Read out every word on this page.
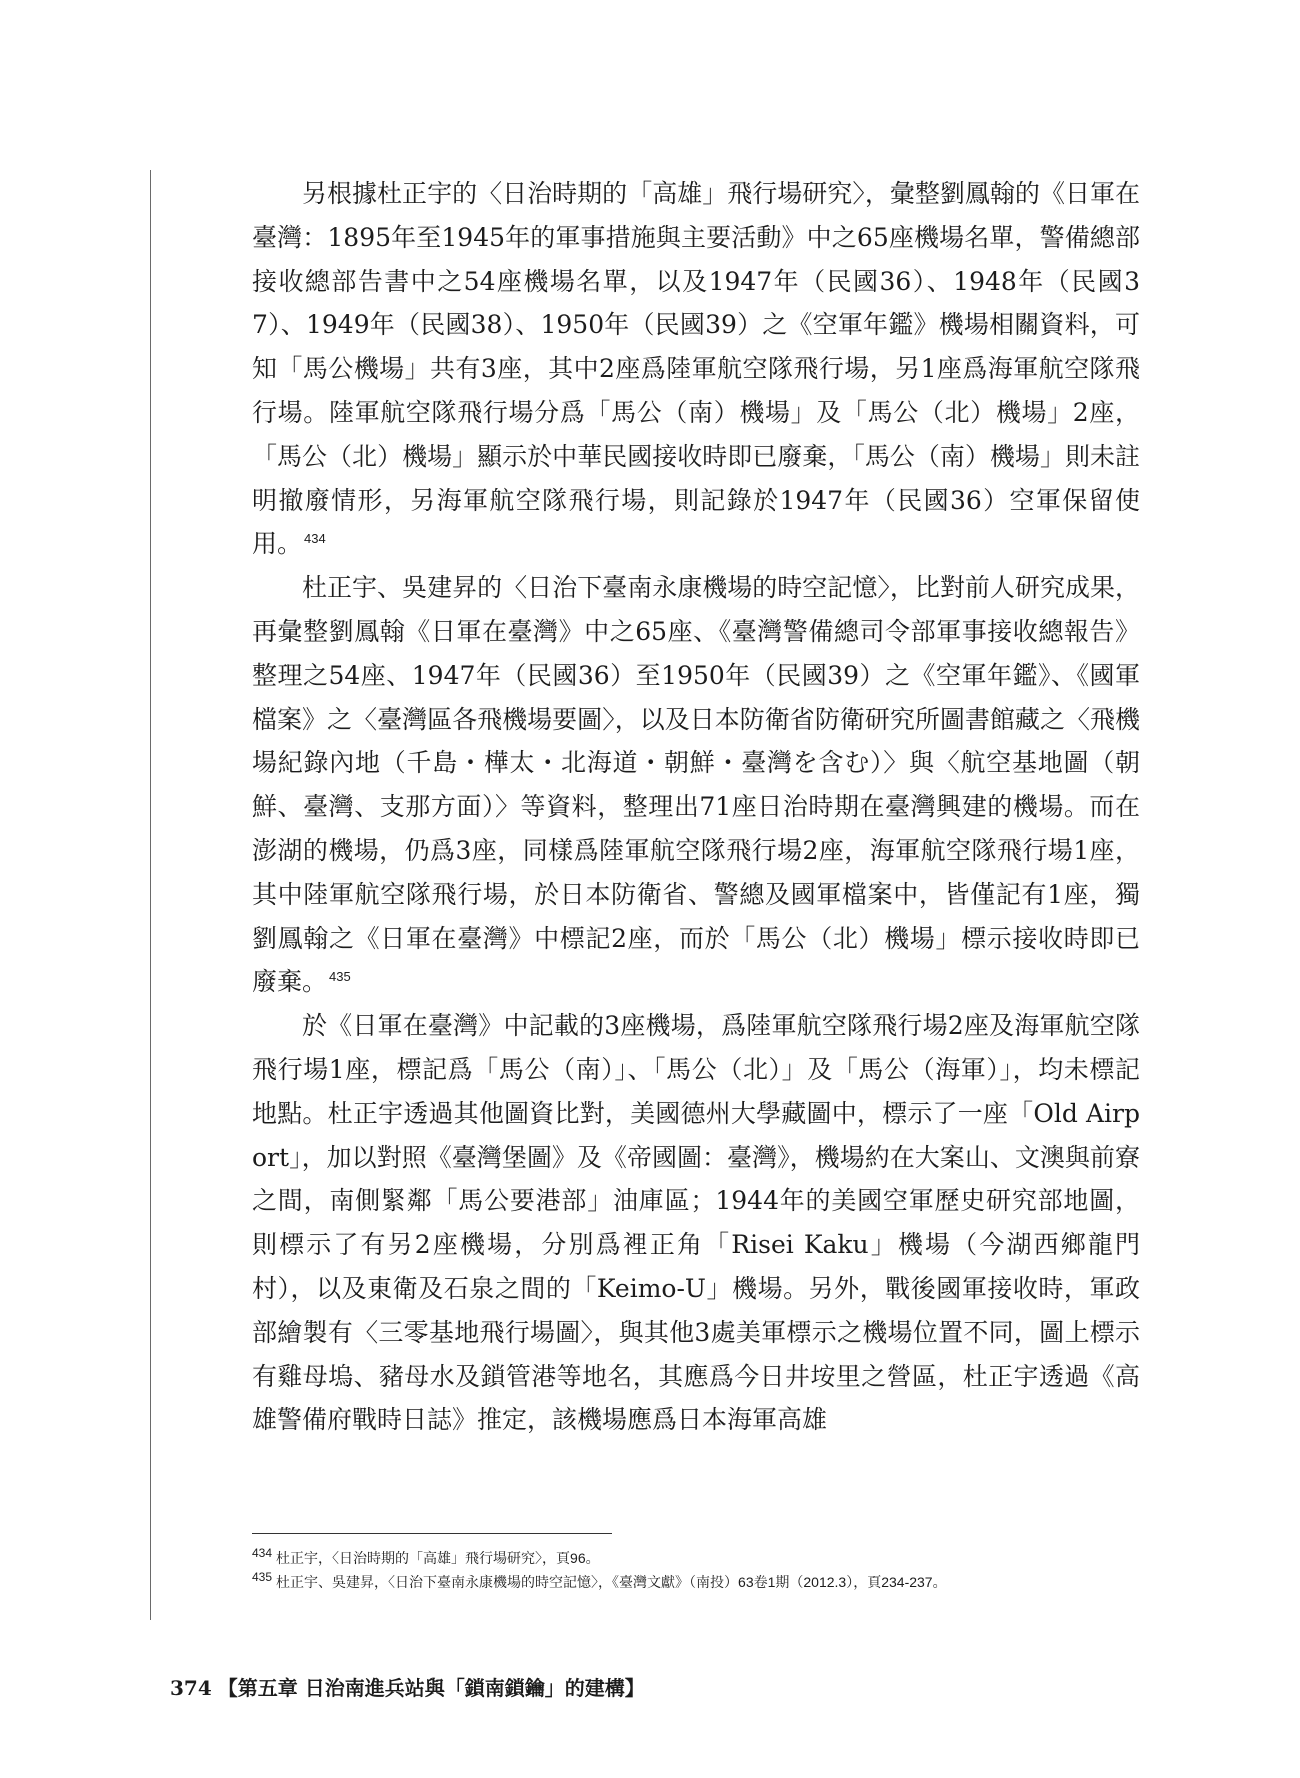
另根據杜正宇的〈日治時期的「高雄」飛行場研究〉，彙整劉鳳翰的《日軍在臺灣：1895年至1945年的軍事措施與主要活動》中之65座機場名單，警備總部接收總部告書中之54座機場名單，以及1947年（民國36）、1948年（民國37）、1949年（民國38）、1950年（民國39）之《空軍年鑑》機場相關資料，可知「馬公機場」共有3座，其中2座爲陸軍航空隊飛行場，另1座爲海軍航空隊飛行場。陸軍航空隊飛行場分爲「馬公（南）機場」及「馬公（北）機場」2座，「馬公（北）機場」顯示於中華民國接收時即已廢棄，「馬公（南）機場」則未註明撤廢情形，另海軍航空隊飛行場，則記錄於1947年（民國36）空軍保留使用。 $^{434}$

杜正宇、吳建昇的〈日治下臺南永康機場的時空記憶〉，比對前人研究成果，再彙整劉鳳翰《日軍在臺灣》中之65座、《臺灣警備總司令部軍事接收總報告》整理之54座、1947年（民國36）至1950年（民國39）之《空軍年鑑》、《國軍檔案》之〈臺灣區各飛機場要圖〉，以及日本防衛省防衛研究所圖書館藏之〈飛機場紀錄內地（千島・樺太・北海道・朝鮮・臺灣を含む）〉與〈航空基地圖（朝鮮、臺灣、支那方面）〉等資料，整理出71座日治時期在臺灣興建的機場。而在澎湖的機場，仍爲3座，同樣爲陸軍航空隊飛行場2座，海軍航空隊飛行場1座，其中陸軍航空隊飛行場，於日本防衛省、警總及國軍檔案中，皆僅記有1座，獨劉鳳翰之《日軍在臺灣》中標記2座，而於「馬公（北）機場」標示接收時即已廢棄。 $^{435}$

於《日軍在臺灣》中記載的3座機場，爲陸軍航空隊飛行場2座及海軍航空隊飛行場1座，標記爲「馬公（南）」、「馬公（北）」及「馬公（海軍）」，均未標記地點。杜正宇透過其他圖資比對，美國德州大學藏圖中，標示了一座「Old Airport」，加以對照《臺灣堡圖》及《帝國圖：臺灣》，機場約在大案山、文澳與前寮之間，南側緊鄰「馬公要港部」油庫區；1944年的美國空軍歷史研究部地圖，則標示了有另2座機場，分別爲裡正角「Risei Kaku」機場（今湖西鄉龍門村），以及東衛及石泉之間的「Keimo-U」機場。另外，戰後國軍接收時，軍政部繪製有〈三零基地飛行場圖〉，與其他3處美軍標示之機場位置不同，圖上標示有雞母塢、豬母水及鎖管港等地名，其應爲今日井垵里之營區，杜正宇透過《高雄警備府戰時日誌》推定，該機場應爲日本海軍高雄

434 杜正宇，〈日治時期的「高雄」飛行場研究〉，頁96。
435 杜正宇、吳建昇，〈日治下臺南永康機場的時空記憶〉，《臺灣文獻》（南投）63卷1期（2012.3），頁234-237。
374 【第五章 日治南進兵站與「鎖南鎖鑰」的建構】
